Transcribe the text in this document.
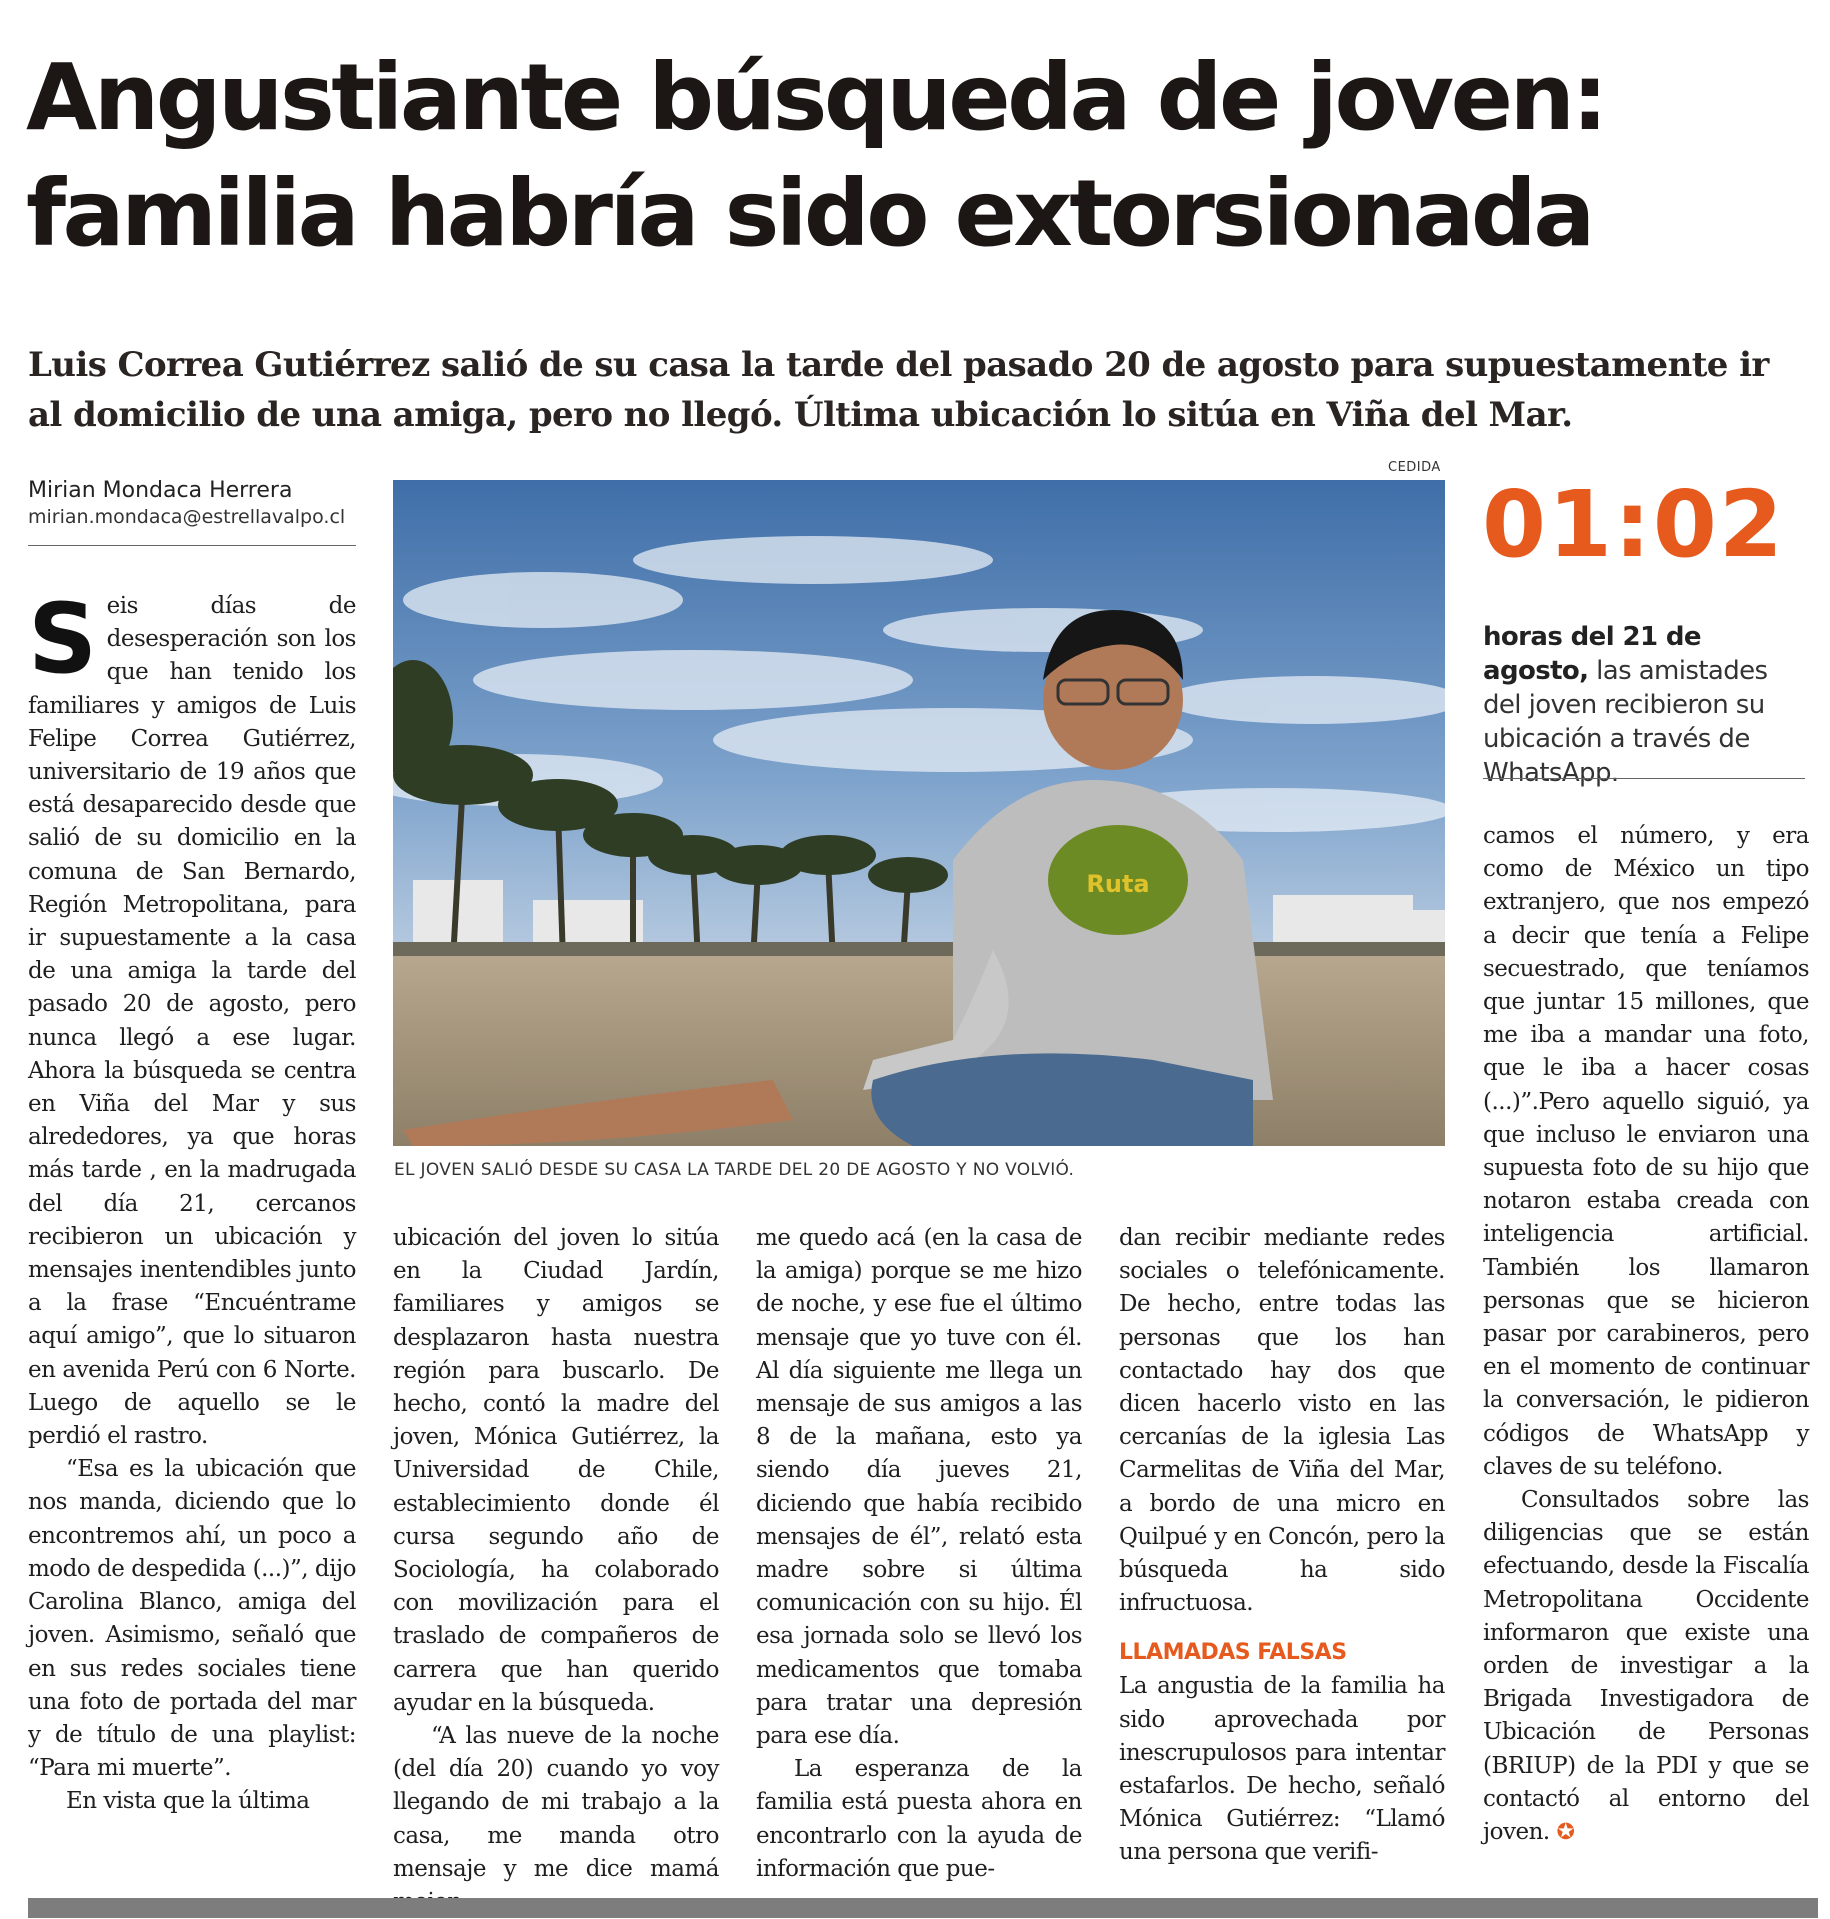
Angustiante búsqueda de joven: familia habría sido extorsionada

Luis Correa Gutiérrez salió de su casa la tarde del pasado 20 de agosto para supuestamente ir al domicilio de una amiga, pero no llegó. Última ubicación lo sitúa en Viña del Mar.

Mirian Mondaca Herrera
mirian.mondaca@estrellavalpo.cl
CEDIDA
Ruta
EL JOVEN SALIÓ DESDE SU CASA LA TARDE DEL 20 DE AGOSTO Y NO VOLVIÓ.
01:02
horas del 21 de agosto, las amistades del joven recibieron su ubicación a través de WhatsApp.

Seis días de desesperación son los que han tenido los familiares y amigos de Luis Felipe Correa Gutiérrez, universitario de 19 años que está desaparecido desde que salió de su domicilio en la comuna de San Bernardo, Región Metropolitana, para ir supuestamente a la casa de una amiga la tarde del pasado 20 de agosto, pero nunca llegó a ese lugar. Ahora la búsqueda se centra en Viña del Mar y sus alrededores, ya que horas más tarde , en la madrugada del día 21, cercanos recibieron un ubicación y mensajes inentendibles junto a la frase “Encuéntrame aquí amigo”, que lo situaron en avenida Perú con 6 Norte. Luego de aquello se le perdió el rastro.

“Esa es la ubicación que nos manda, diciendo que lo encontremos ahí, un poco a modo de despedida (...)”, dijo Carolina Blanco, amiga del joven. Asimismo, señaló que en sus redes sociales tiene una foto de portada del mar y de título de una playlist: “Para mi muerte”.

En vista que la última

ubicación del joven lo sitúa en la Ciudad Jardín, familiares y amigos se desplazaron hasta nuestra región para buscarlo. De hecho, contó la madre del joven, Mónica Gutiérrez, la Universidad de Chile, establecimiento donde él cursa segundo año de Sociología, ha colaborado con movilización para el traslado de compañeros de carrera que han querido ayudar en la búsqueda.

“A las nueve de la noche (del día 20) cuando yo voy llegando de mi trabajo a la casa, me manda otro mensaje y me dice mamá

me quedo acá (en la casa de la amiga) porque se me hizo de noche, y ese fue el último mensaje que yo tuve con él. Al día siguiente me llega un mensaje de sus amigos a las 8 de la mañana, esto ya siendo día jueves 21, diciendo que había recibido mensajes de él”, relató esta madre sobre si última comunicación con su hijo. Él esa jornada solo se llevó los medicamentos que tomaba para tratar una depresión para ese día.

La esperanza de la familia está puesta ahora en encontrarlo con la ayuda de información que pue-

dan recibir mediante redes sociales o telefónicamente. De hecho, entre todas las personas que los han contactado hay dos que dicen hacerlo visto en las cercanías de la iglesia Las Carmelitas de Viña del Mar, a bordo de una micro en Quilpué y en Concón, pero la búsqueda ha sido infructuosa.

LLAMADAS FALSAS

La angustia de la familia ha sido aprovechada por inescrupulosos para intentar estafarlos. De hecho, señaló Mónica Gutiérrez: “Llamó una persona que verifi-

camos el número, y era como de México un tipo extranjero, que nos empezó a decir que tenía a Felipe secuestrado, que teníamos que juntar 15 millones, que me iba a mandar una foto, que le iba a hacer cosas (...)”.Pero aquello siguió, ya que incluso le enviaron una supuesta foto de su hijo que notaron estaba creada con inteligencia artificial. También los llamaron personas que se hicieron pasar por carabineros, pero en el momento de continuar la conversación, le pidieron códigos de WhatsApp y claves de su teléfono.

Consultados sobre las diligencias que se están efectuando, desde la Fiscalía Metropolitana Occidente informaron que existe una orden de investigar a la Brigada Investigadora de Ubicación de Personas (BRIUP) de la PDI y que se contactó al entorno del joven. ✪
